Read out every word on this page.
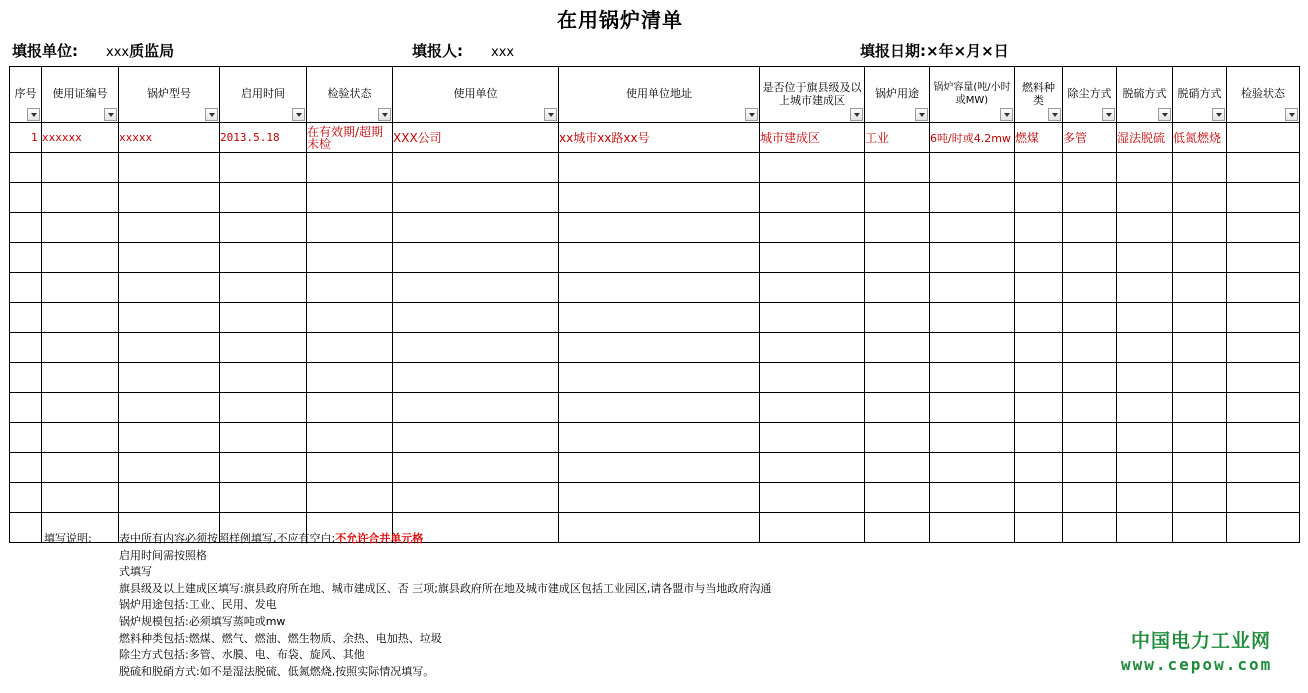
在用锅炉清单
填报单位: xxx质监局	填报人: xxx	填报日期:×年×月×日
序号	使用证编号	锅炉型号	启用时间	检验状态	使用单位	使用单位地址	是否位于旗县级及以上城市建成区	锅炉用途	锅炉容量(吨/小时或MW)	燃料种类	除尘方式	脱硫方式	脱硝方式	检验状态

1	xxxxxx	xxxxx	2013.5.18	在有效期/超期未检	XXX公司	xx城市xx路xx号	城市建成区	工业	6吨/时或4.2mw	燃煤	多管	湿法脱硫	低氮燃烧	

填写说明: 表中所有内容必须按照样例填写,不应有空白;不允许合并单元格
启用时间需按照格
式填写
旗县级及以上建成区填写:旗县政府所在地、城市建成区、否 三项;旗县政府所在地及城市建成区包括工业园区,请各盟市与当地政府沟通
锅炉用途包括:工业、民用、发电
锅炉规模包括:必须填写蒸吨或mw
燃料种类包括:燃煤、燃气、燃油、燃生物质、余热、电加热、垃圾
除尘方式包括:多管、水膜、电、布袋、旋风、其他
脱硫和脱硝方式:如不是湿法脱硫、低氮燃烧,按照实际情况填写。
中国电力工业网
www.cepow.com
